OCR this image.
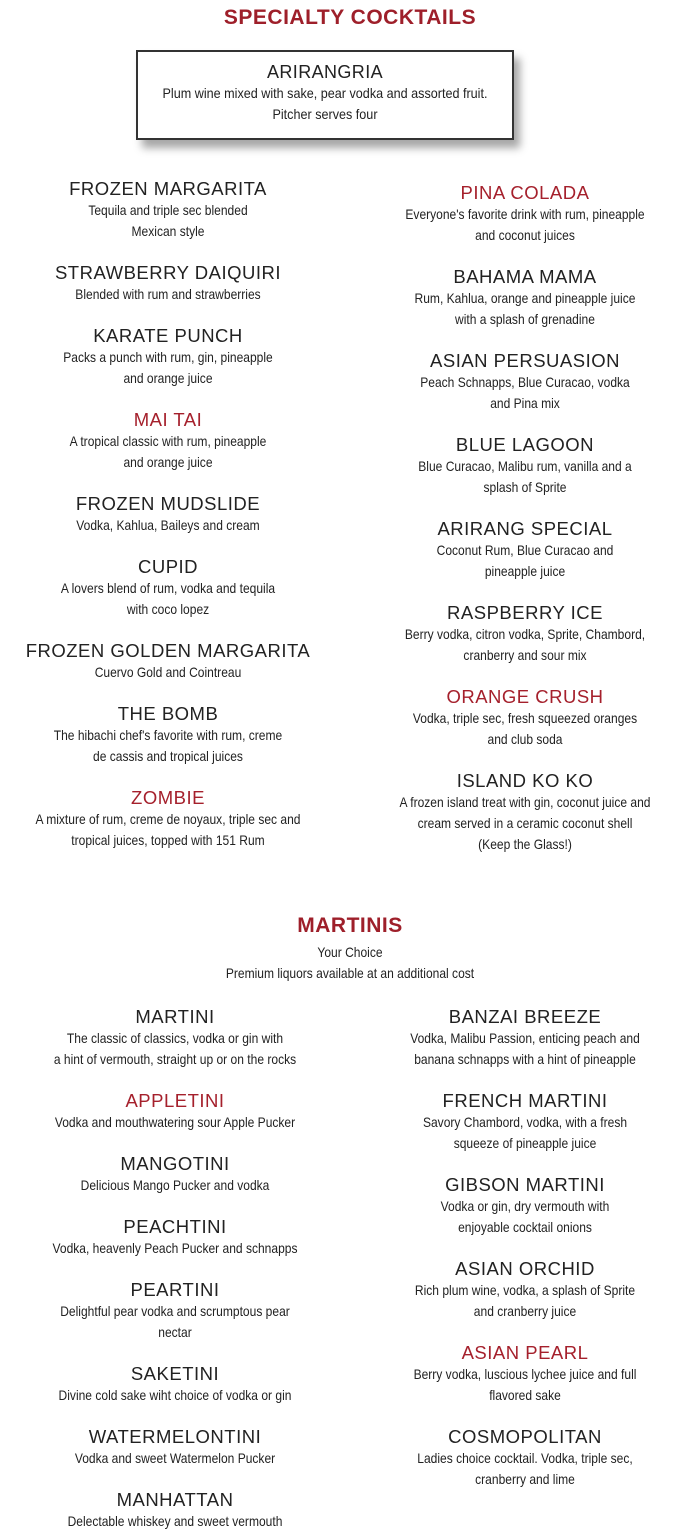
SPECIALTY COCKTAILS
ARIRANGRIA
Plum wine mixed with sake, pear vodka and assorted fruit.
Pitcher serves four
FROZEN MARGARITA
Tequila and triple sec blended
Mexican style
STRAWBERRY DAIQUIRI
Blended with rum and strawberries
KARATE PUNCH
Packs a punch with rum, gin, pineapple
and orange juice
MAI TAI
A tropical classic with rum, pineapple
and orange juice
FROZEN MUDSLIDE
Vodka, Kahlua, Baileys and cream
CUPID
A lovers blend of rum, vodka and tequila
with coco lopez
FROZEN GOLDEN MARGARITA
Cuervo Gold and Cointreau
THE BOMB
The hibachi chef's favorite with rum, creme
de cassis and tropical juices
ZOMBIE
A mixture of rum, creme de noyaux, triple sec and
tropical juices, topped with 151 Rum
PINA COLADA
Everyone's favorite drink with rum, pineapple
and coconut juices
BAHAMA MAMA
Rum, Kahlua, orange and pineapple juice
with a splash of grenadine
ASIAN PERSUASION
Peach Schnapps, Blue Curacao, vodka
and Pina mix
BLUE LAGOON
Blue Curacao, Malibu rum, vanilla and a
splash of Sprite
ARIRANG SPECIAL
Coconut Rum, Blue Curacao and
pineapple juice
RASPBERRY ICE
Berry vodka, citron vodka, Sprite, Chambord,
cranberry and sour mix
ORANGE CRUSH
Vodka, triple sec, fresh squeezed oranges
and club soda
ISLAND KO KO
A frozen island treat with gin, coconut juice and
cream served in a ceramic coconut shell
(Keep the Glass!)
MARTINIS
Your Choice
Premium liquors available at an additional cost
MARTINI
The classic of classics, vodka or gin with
a hint of vermouth, straight up or on the rocks
APPLETINI
Vodka and mouthwatering sour Apple Pucker
MANGOTINI
Delicious Mango Pucker and vodka
PEACHTINI
Vodka, heavenly Peach Pucker and schnapps
PEARTINI
Delightful pear vodka and scrumptous pear
nectar
SAKETINI
Divine cold sake wiht choice of vodka or gin
WATERMELONTINI
Vodka and sweet Watermelon Pucker
MANHATTAN
Delectable whiskey and sweet vermouth
BANZAI BREEZE
Vodka, Malibu Passion, enticing peach and
banana schnapps with a hint of pineapple
FRENCH MARTINI
Savory Chambord, vodka, with a fresh
squeeze of pineapple juice
GIBSON MARTINI
Vodka or gin, dry vermouth with
enjoyable cocktail onions
ASIAN ORCHID
Rich plum wine, vodka, a splash of Sprite
and cranberry juice
ASIAN PEARL
Berry vodka, luscious lychee juice and full
flavored sake
COSMOPOLITAN
Ladies choice cocktail. Vodka, triple sec,
cranberry and lime
